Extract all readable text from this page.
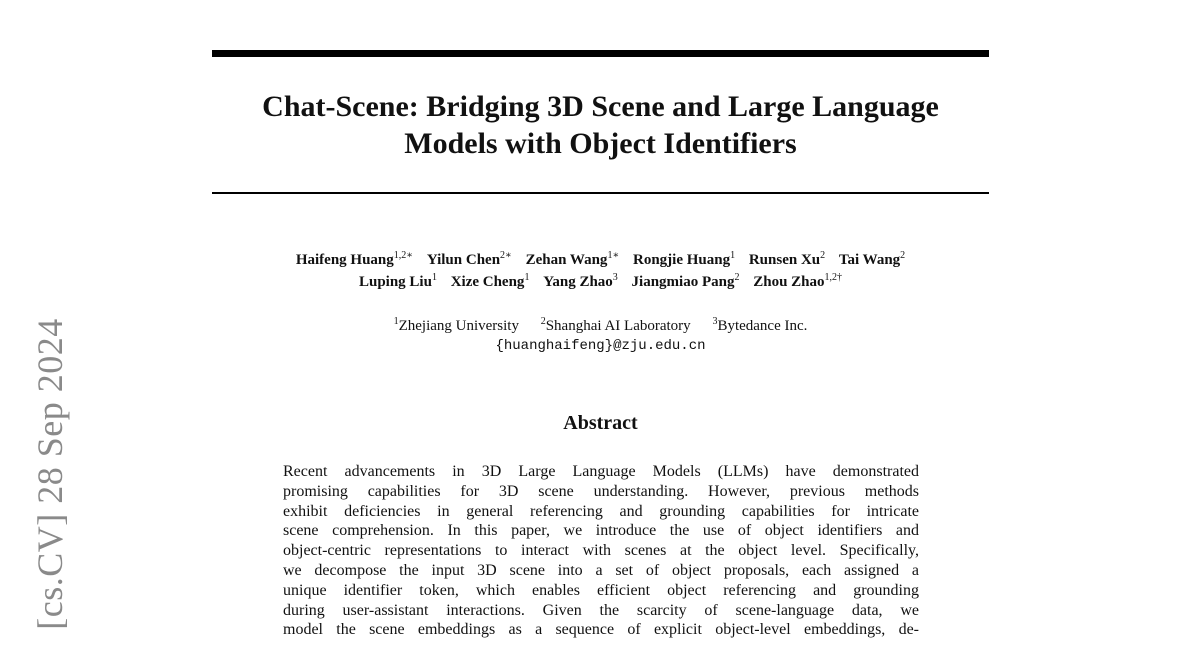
[cs.CV] 28 Sep 2024
Chat-Scene: Bridging 3D Scene and Large Language
Models with Object Identifiers
Haifeng Huang$^{1,2∗}$ Yilun Chen$^{2∗}$ Zehan Wang$^{1∗}$ Rongjie Huang$^1$ Runsen Xu$^2$ Tai Wang$^2$
Luping Liu$^1$ Xize Cheng$^1$ Yang Zhao$^3$ Jiangmiao Pang$^2$ Zhou Zhao$^{1,2\dagger}$
$^1$Zhejiang University $^2$Shanghai AI Laboratory $^3$Bytedance Inc.
{huanghaifeng}@zju.edu.cn
Abstract
Recent advancements in 3D Large Language Models (LLMs) have demonstrated
promising capabilities for 3D scene understanding. However, previous methods
exhibit deficiencies in general referencing and grounding capabilities for intricate
scene comprehension. In this paper, we introduce the use of object identifiers and
object-centric representations to interact with scenes at the object level. Specifically,
we decompose the input 3D scene into a set of object proposals, each assigned a
unique identifier token, which enables efficient object referencing and grounding
during user-assistant interactions. Given the scarcity of scene-language data, we
model the scene embeddings as a sequence of explicit object-level embeddings, de-
